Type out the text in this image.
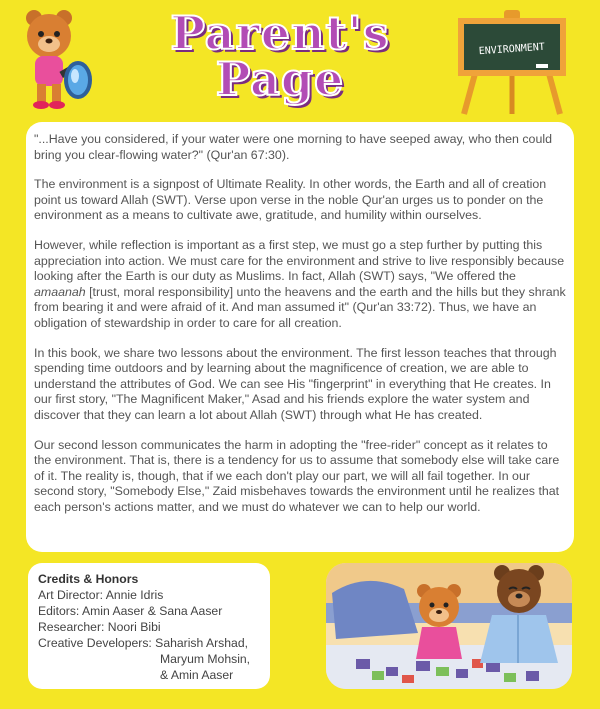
Parent's
Page
ENVIRONMENT

"...Have you considered, if your water were one morning to have seeped away, who then could bring you clear-flowing water?" (Qur'an 67:30).

The environment is a signpost of Ultimate Reality. In other words, the Earth and all of creation point us toward Allah (SWT). Verse upon verse in the noble Qur'an urges us to ponder on the environment as a means to cultivate awe, gratitude, and humility within ourselves.

However, while reflection is important as a first step, we must go a step further by putting this appreciation into action. We must care for the environment and strive to live responsibly because looking after the Earth is our duty as Muslims. In fact, Allah (SWT) says, "We offered the amaanah [trust, moral responsibility] unto the heavens and the earth and the hills but they shrank from bearing it and were afraid of it. And man assumed it" (Qur'an 33:72). Thus, we have an obligation of stewardship in order to care for all creation.

In this book, we share two lessons about the environment. The first lesson teaches that through spending time outdoors and by learning about the magnificence of creation, we are able to understand the attributes of God. We can see His "fingerprint" in everything that He creates. In our first story, "The Magnificent Maker," Asad and his friends explore the water system and discover that they can learn a lot about Allah (SWT) through what He has created.

Our second lesson communicates the harm in adopting the "free-rider" concept as it relates to the environment. That is, there is a tendency for us to assume that somebody else will take care of it. The reality is, though, that if we each don't play our part, we will all fail together. In our second story, "Somebody Else," Zaid misbehaves towards the environment until he realizes that each person's actions matter, and we must do whatever we can to help our world.

Credits & Honors
Art Director: Annie Idris
Editors: Amin Aaser & Sana Aaser
Researcher: Noori Bibi
Creative Developers: Saharish Arshad,
Maryum Mohsin,
& Amin Aaser
